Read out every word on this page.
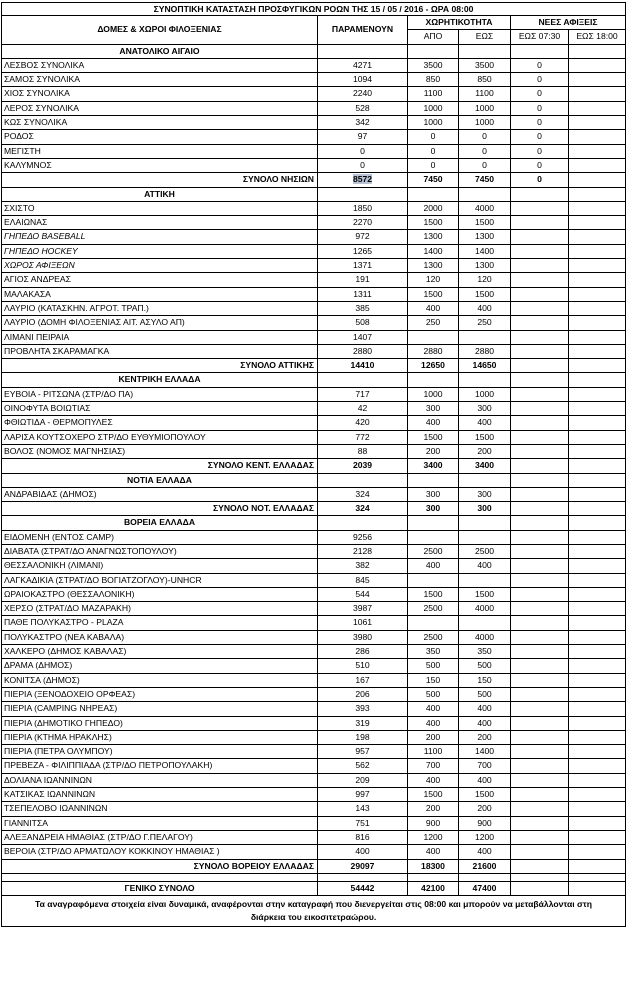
ΣΥΝΟΠΤΙΚΗ ΚΑΤΑΣΤΑΣΗ ΠΡΟΣΦΥΓΙΚΩΝ ΡΟΩΝ ΤΗΣ 15 / 05 / 2016 - ΩΡΑ 08:00					
ΔΟΜΕΣ & ΧΩΡΟΙ ΦΙΛΟΞΕΝΙΑΣ	ΠΑΡΑΜΕΝΟΥΝ	ΧΩΡΗΤΙΚΟΤΗΤΑ		ΝΕΕΣ ΑΦΙΞΕΙΣ	
		ΑΠΟ	ΕΩΣ	ΕΩΣ 07:30	ΕΩΣ 18:00
ΑΝΑΤΟΛΙΚΟ ΑΙΓΑΙΟ					
ΛΕΣΒΟΣ ΣΥΝΟΛΙΚΑ	4271	3500	3500	0	
ΣΑΜΟΣ ΣΥΝΟΛΙΚΑ	1094	850	850	0	
ΧΙΟΣ ΣΥΝΟΛΙΚΑ	2240	1100	1100	0	
ΛΕΡΟΣ ΣΥΝΟΛΙΚΑ	528	1000	1000	0	
ΚΩΣ ΣΥΝΟΛΙΚΑ	342	1000	1000	0	
ΡΟΔΟΣ	97	0	0	0	
ΜΕΓΙΣΤΗ	0	0	0	0	
ΚΑΛΥΜΝΟΣ	0	0	0	0	
ΣΥΝΟΛΟ ΝΗΣΙΩΝ	8572	7450	7450	0	
ΑΤΤΙΚΗ					
ΣΧΙΣΤΟ	1850	2000	4000		
ΕΛΑΙΩΝΑΣ	2270	1500	1500		
ΓΗΠΕΔΟ BASEBALL	972	1300	1300		
ΓΗΠΕΔΟ HOCKEY	1265	1400	1400		
ΧΩΡΟΣ ΑΦΙΞΕΩΝ	1371	1300	1300		
ΑΓΙΟΣ ΑΝΔΡΕΑΣ	191	120	120		
ΜΑΛΑΚΑΣΑ	1311	1500	1500		
ΛΑΥΡΙΟ (ΚΑΤΑΣΚΗΝ. ΑΓΡΟΤ. ΤΡΑΠ.)	385	400	400		
ΛΑΥΡΙΟ (ΔΟΜΗ ΦΙΛΟΞΕΝΙΑΣ ΑΙΤ. ΑΣΥΛΟ ΑΠ)	508	250	250		
ΛΙΜΑΝΙ ΠΕΙΡΑΙΑ	1407				
ΠΡΟΒΛΗΤΑ ΣΚΑΡΑΜΑΓΚΑ	2880	2880	2880		
ΣΥΝΟΛΟ ΑΤΤΙΚΗΣ	14410	12650	14650		
ΚΕΝΤΡΙΚΗ ΕΛΛΑΔΑ					
ΕΥΒΟΙΑ - ΡΙΤΣΩΝΑ (ΣΤΡ/ΔΟ ΠΑ)	717	1000	1000		
ΟΙΝΟΦΥΤΑ ΒΟΙΩΤΙΑΣ	42	300	300		
ΦΘΙΩΤΙΔΑ - ΘΕΡΜΟΠΥΛΕΣ	420	400	400		
ΛΑΡΙΣΑ ΚΟΥΤΣΟΧΕΡΟ ΣΤΡ/ΔΟ ΕΥΘΥΜΙΟΠΟΥΛΟΥ	772	1500	1500		
ΒΟΛΟΣ (ΝΟΜΟΣ ΜΑΓΝΗΣΙΑΣ)	88	200	200		
ΣΥΝΟΛΟ ΚΕΝΤ. ΕΛΛΑΔΑΣ	2039	3400	3400		
ΝΟΤΙΑ ΕΛΛΑΔΑ					
ΑΝΔΡΑΒΙΔΑΣ (ΔΗΜΟΣ)	324	300	300		
ΣΥΝΟΛΟ ΝΟΤ. ΕΛΛΑΔΑΣ	324	300	300		
ΒΟΡΕΙΑ ΕΛΛΑΔΑ					
ΕΙΔΟΜΕΝΗ (ΕΝΤΟΣ CAMP)	9256				
ΔΙΑΒΑΤΑ (ΣΤΡΑΤ/ΔΟ ΑΝΑΓΝΩΣΤΟΠΟΥΛΟΥ)	2128	2500	2500		
ΘΕΣΣΑΛΟΝΙΚΗ (ΛΙΜΑΝΙ)	382	400	400		
ΛΑΓΚΑΔΙΚΙΑ (ΣΤΡΑΤ/ΔΟ ΒΟΓΙΑΤΖΟΓΛΟΥ)-UNHCR	845				
ΩΡΑΙΟΚΑΣΤΡΟ (ΘΕΣΣΑΛΟΝΙΚΗ)	544	1500	1500		
ΧΕΡΣΟ (ΣΤΡΑΤ/ΔΟ ΜΑΖΑΡΑΚΗ)	3987	2500	4000		
ΠΑΘΕ ΠΟΛΥΚΑΣΤΡΟ - PLAZA	1061				
ΠΟΛΥΚΑΣΤΡΟ (ΝΕΑ ΚΑΒΑΛΑ)	3980	2500	4000		
ΧΑΛΚΕΡΟ (ΔΗΜΟΣ ΚΑΒΑΛΑΣ)	286	350	350		
ΔΡΑΜΑ (ΔΗΜΟΣ)	510	500	500		
ΚΟΝΙΤΣΑ (ΔΗΜΟΣ)	167	150	150		
ΠΙΕΡΙΑ (ΞΕΝΟΔΟΧΕΙΟ ΟΡΦΕΑΣ)	206	500	500		
ΠΙΕΡΙΑ (CAMPING ΝΗΡΕΑΣ)	393	400	400		
ΠΙΕΡΙΑ (ΔΗΜΟΤΙΚΟ ΓΗΠΕΔΟ)	319	400	400		
ΠΙΕΡΙΑ (ΚΤΗΜΑ ΗΡΑΚΛΗΣ)	198	200	200		
ΠΙΕΡΙΑ (ΠΕΤΡΑ ΟΛΥΜΠΟΥ)	957	1100	1400		
ΠΡΕΒΕΖΑ - ΦΙΛΙΠΠΙΑΔΑ (ΣΤΡ/ΔΟ ΠΕΤΡΟΠΟΥΛΑΚΗ)	562	700	700		
ΔΟΛΙΑΝΑ ΙΩΑΝΝΙΝΩΝ	209	400	400		
ΚΑΤΣΙΚΑΣ ΙΩΑΝΝΙΝΩΝ	997	1500	1500		
ΤΣΕΠΕΛΟΒΟ ΙΩΑΝΝΙΝΩΝ	143	200	200		
ΓΙΑΝΝΙΤΣΑ	751	900	900		
ΑΛΕΞΑΝΔΡΕΙΑ ΗΜΑΘΙΑΣ (ΣΤΡ/ΔΟ Γ.ΠΕΛΑΓΟΥ)	816	1200	1200		
ΒΕΡΟΙΑ (ΣΤΡ/ΔΟ ΑΡΜΑΤΩΛΟΥ ΚΟΚΚΙΝΟΥ ΗΜΑΘΙΑΣ )	400	400	400		
ΣΥΝΟΛΟ ΒΟΡΕΙΟΥ ΕΛΛΑΔΑΣ	29097	18300	21600		

ΓΕΝΙΚΟ ΣΥΝΟΛΟ	54442	42100	47400		
Τα αναγραφόμενα στοιχεία είναι δυναμικά, αναφέρονται στην καταγραφή που διενεργείται στις 08:00 και μπορούν να μεταβάλλονται στη διάρκεια του εικοσιτετραώρου.					
